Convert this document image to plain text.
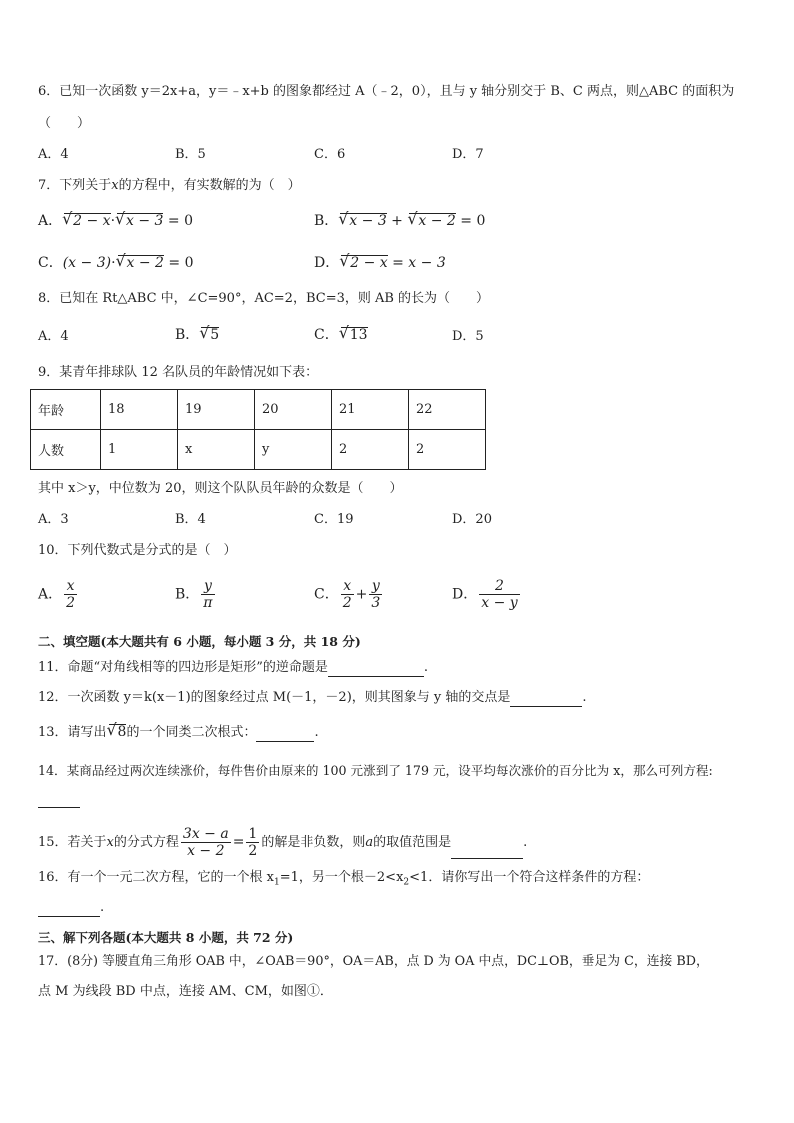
6．已知一次函数 y＝2x+a，y＝﹣x+b 的图象都经过 A（﹣2，0），且与 y 轴分别交于 B、C 两点，则△ABC 的面积为
（　　）
A．4	B．5	C．6	D．7
7．下列关于x的方程中，有实数解的为（　）
A． √ 2 − x· √ x − 3 = 0	B． √ x − 3 + √ x − 2 = 0
C．(x − 3)· √ x − 2 = 0	D． √ 2 − x = x − 3
8．已知在 Rt△ABC 中，∠C=90°，AC=2，BC=3，则 AB 的长为（　　）
A．4	B． √ 5	C． √ 13	D．5
9．某青年排球队 12 名队员的年龄情况如下表：
年龄	18	19	20	21	22
人数	1	x	y	2	2
其中 x＞y，中位数为 20，则这个队队员年龄的众数是（　　）
A．3	B．4	C．19	D．20
10．下列代数式是分式的是（　）
A． $\frac{x}{2}$	B． $\frac{y}{\pi}$	C． $\frac{x}{2} + \frac{y}{3}$	D． $\frac{2}{x - y}$
二、填空题(本大题共有 6 小题，每小题 3 分，共 18 分)
11．命题“对角线相等的四边形是矩形”的逆命题是	.
12．一次函数 y＝k(x－1)的图象经过点 M(－1，－2)，则其图象与 y 轴的交点是	.
13．请写出 √ 8的一个同类二次根式：	.
14．某商品经过两次连续涨价，每件售价由原来的 100 元涨到了 179 元，设平均每次涨价的百分比为 x，那么可列方程:
15．若关于x的分式方程 $\frac{3x - a}{x - 2} = \frac{1}{2}$ 的解是非负数，则a的取值范围是	.
16．有一个一元二次方程，它的一个根 $x_1=1$，另一个根$-2<x_2<1$．请你写出一个符合这样条件的方程：
.
三、解下列各题(本大题共 8 小题，共 72 分)
17．(8分) 等腰直角三角形 OAB 中，∠OAB＝90°，OA＝AB，点 D 为 OA 中点，DC⊥OB，垂足为 C，连接 BD，
点 M 为线段 BD 中点，连接 AM、CM，如图①．
